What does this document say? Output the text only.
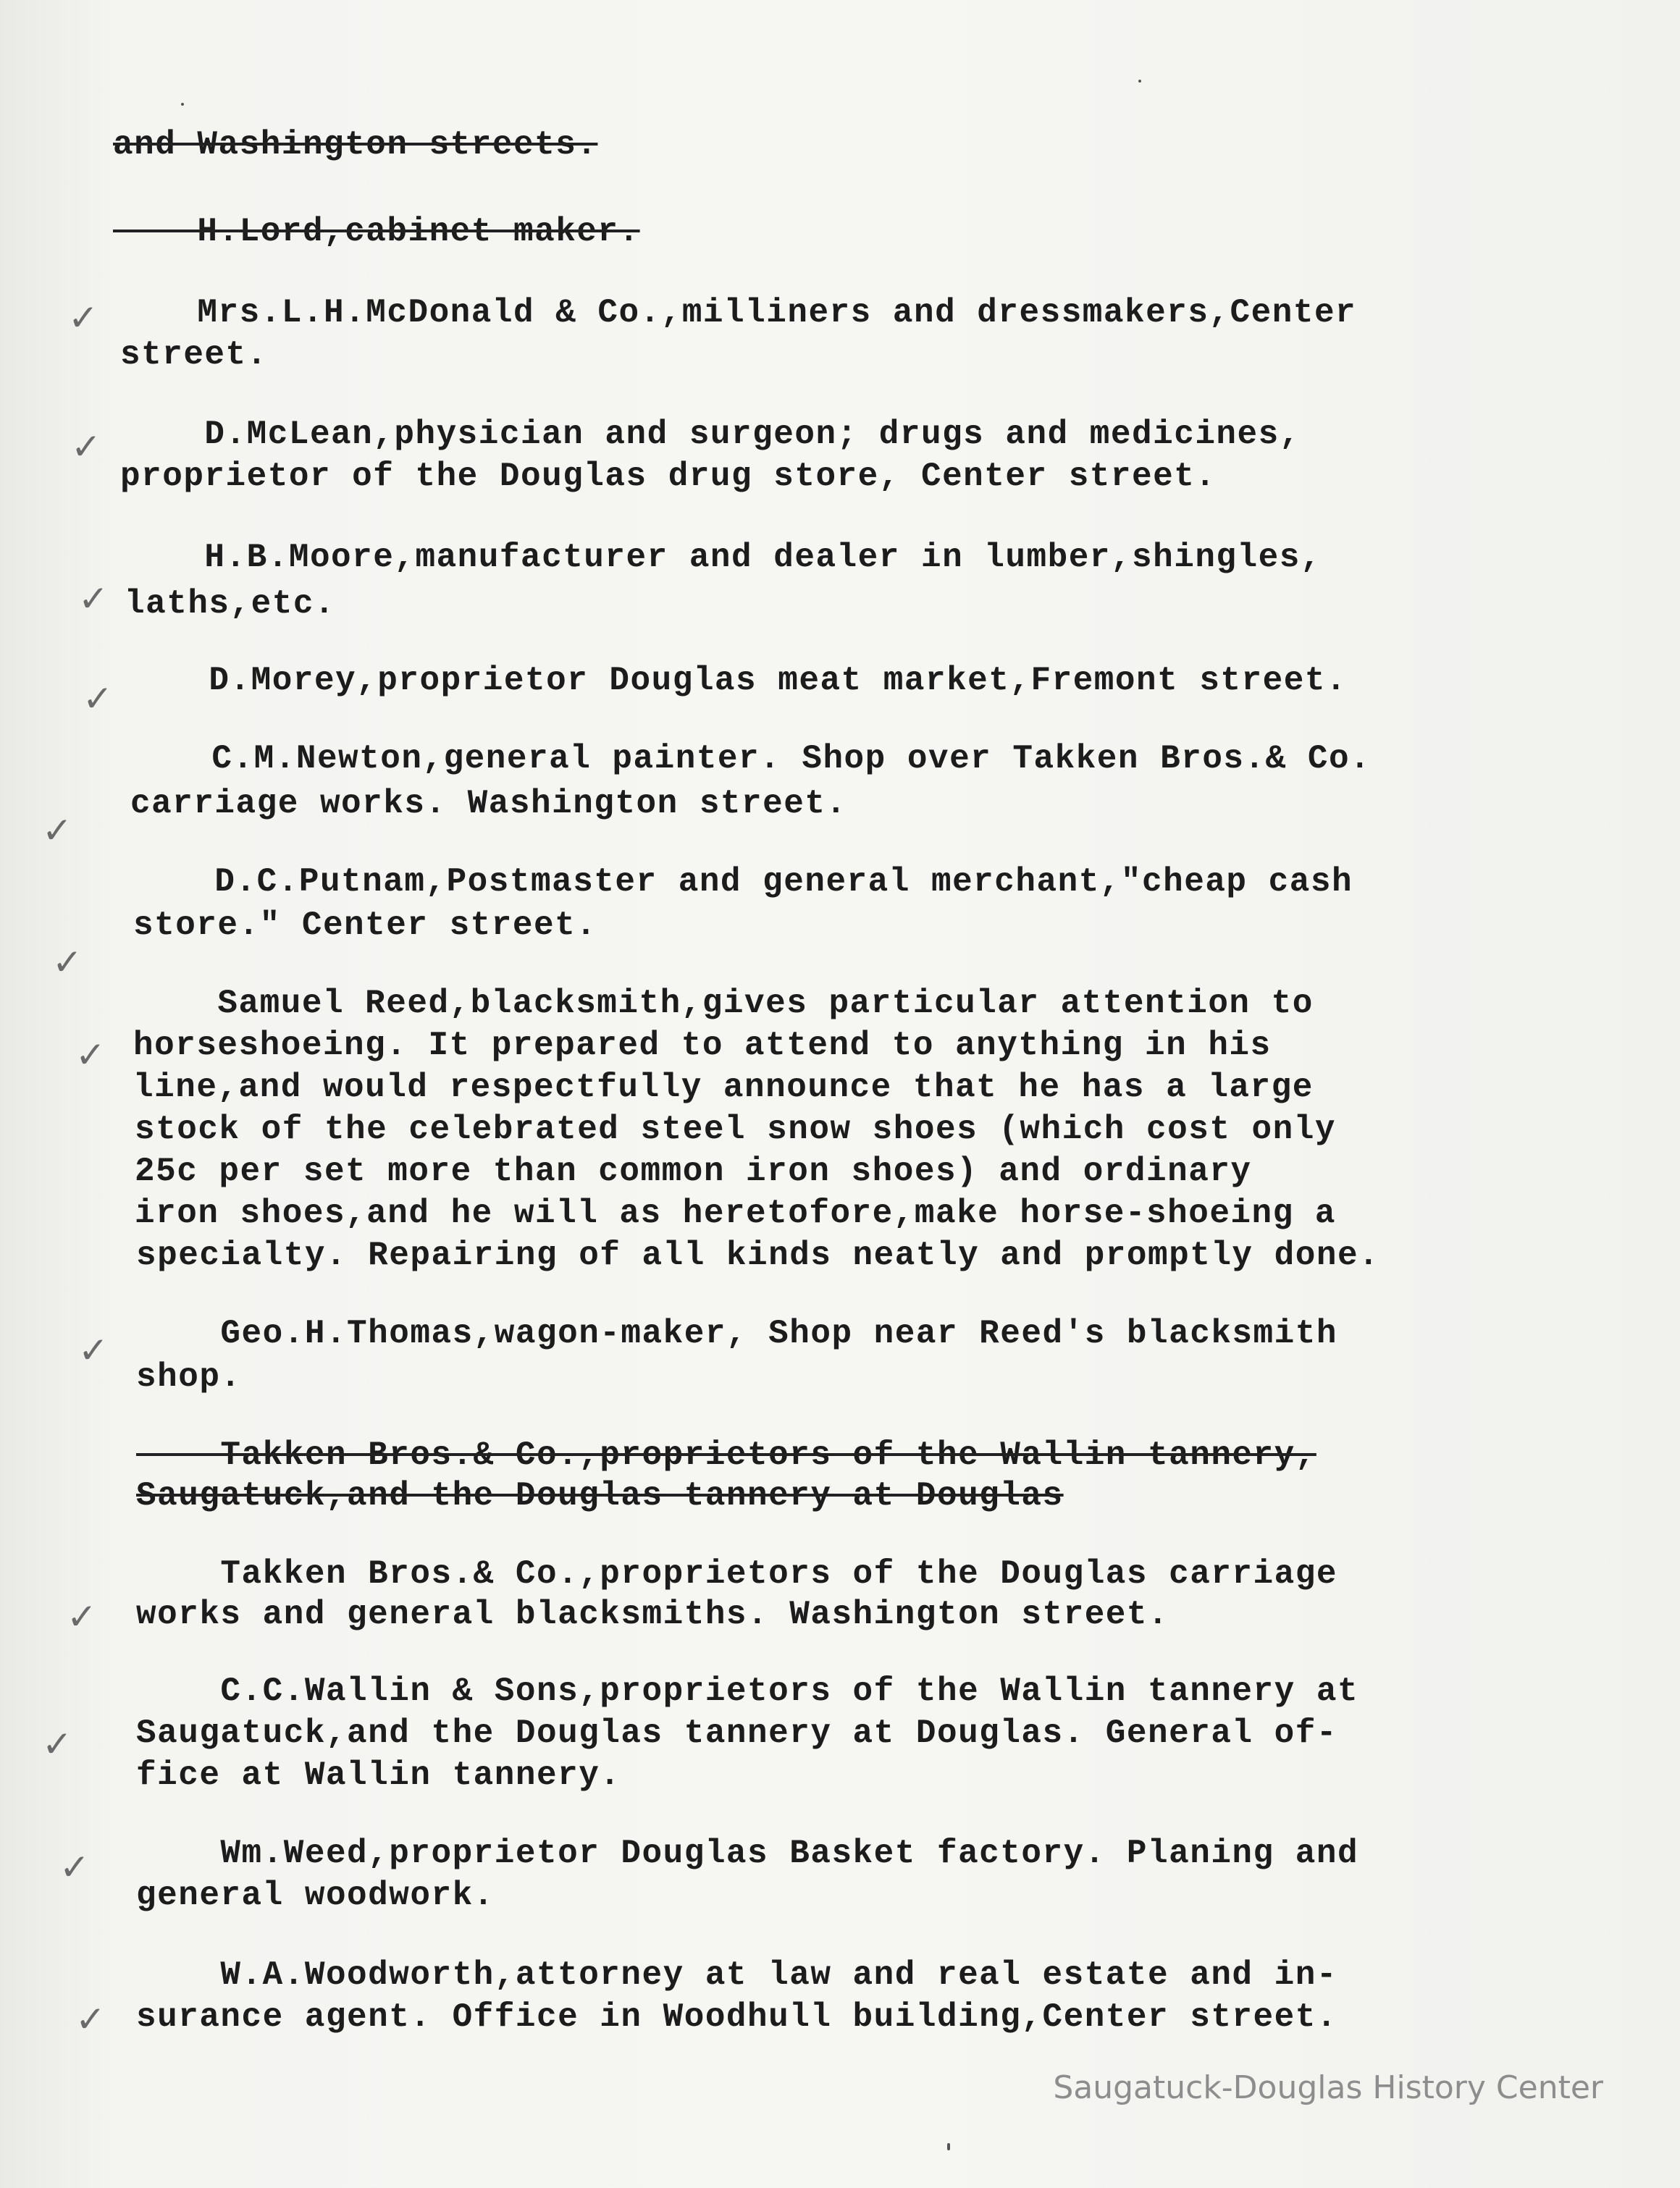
and Washington streets.
H.Lord,cabinet maker.
Mrs.L.H.McDonald & Co.,milliners and dressmakers,Center
street.
D.McLean,physician and surgeon; drugs and medicines,
proprietor of the Douglas drug store, Center street.
H.B.Moore,manufacturer and dealer in lumber,shingles,
laths,etc.
D.Morey,proprietor Douglas meat market,Fremont street.
C.M.Newton,general painter. Shop over Takken Bros.& Co.
carriage works. Washington street.
D.C.Putnam,Postmaster and general merchant,"cheap cash
store." Center street.
Samuel Reed,blacksmith,gives particular attention to
horseshoeing. It prepared to attend to anything in his
line,and would respectfully announce that he has a large
stock of the celebrated steel snow shoes (which cost only
25c per set more than common iron shoes) and ordinary
iron shoes,and he will as heretofore,make horse-shoeing a
specialty. Repairing of all kinds neatly and promptly done.
Geo.H.Thomas,wagon-maker, Shop near Reed's blacksmith
shop.
Takken Bros.& Co.,proprietors of the Wallin tannery,
Saugatuck,and the Douglas tannery at Douglas
Takken Bros.& Co.,proprietors of the Douglas carriage
works and general blacksmiths. Washington street.
C.C.Wallin & Sons,proprietors of the Wallin tannery at
Saugatuck,and the Douglas tannery at Douglas. General of-
fice at Wallin tannery.
Wm.Weed,proprietor Douglas Basket factory. Planing and
general woodwork.
W.A.Woodworth,attorney at law and real estate and in-
surance agent. Office in Woodhull building,Center street.
✓
✓
✓
✓
✓
✓
✓
✓
✓
✓
✓
✓
Saugatuck-Douglas History Center
